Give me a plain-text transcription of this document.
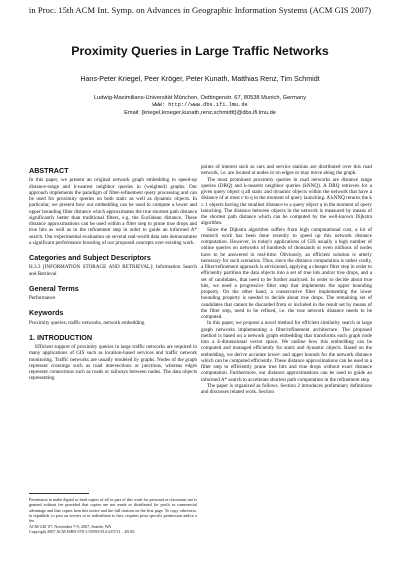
in Proc. 15th ACM Int. Symp. on Advances in Geographic Information Systems (ACM GIS 2007)
Proximity Queries in Large Traffic Networks
Hans-Peter Kriegel, Peer Kröger, Peter Kunath, Matthias Renz, Tim Schmidt
Ludwig-Maximilians-Universität München, Oettingenstr. 67, 80538 Munich, Germany
WWW: http://www.dbs.ifi.lmu.de
Email: {kriegel,kroeger,kunath,renz,schmidtt}@dbs.ifi.lmu.de
ABSTRACT

In this paper, we present an original network graph embedding to speed-up distance-range and k-nearest neighbor queries in (weighted) graphs. Our approach implements the paradigm of filter-refinement query processing and can be used for proximity queries on both static as well as dynamic objects. In particular, we present how our embedding can be used to compute a lower and upper bounding filter distance which approximates the true shortest path distance significantly better than traditional filters, e.g. the Euclidean distance. These distance approximations can be used within a filter step to prune true drops and true hits as well as in the refinement step in order to guide an informed A* search. Our experimental evaluation on several real-world data sets demonstrates a significant performance boosting of our proposed concepts over existing work.

Categories and Subject Descriptors

H.3.3 [INFORMATION STORAGE AND RETRIEVAL]: Information Search and Retrieval

General Terms

Performance

Keywords

Proximity queries, traffic networks, network embedding

1. INTRODUCTION

Efficient support of proximity queries in large traffic networks are required in many applications of GIS such as location-based services and traffic network monitoring. Traffic networks are usually modeled by graphs. Nodes of the graph represent crossings such as road intersections or junctions, whereas edges represent connections such as roads or railways between nodes. The data objects representing

Permission to make digital or hard copies of all or part of this work for personal or classroom use is granted without fee provided that copies are not made or distributed for profit or commercial advantage and that copies bear this notice and the full citation on the first page. To copy otherwise, to republish, to post on servers or to redistribute to lists, requires prior specific permission and/or a fee.

ACM GIS '07, November 7-9, 2007, Seattle, WA

Copyright 2007 ACM ISBN 978-1-59593-914-2/07/11 ...$5.00.

points of interest such as cars and service stations are distributed over this road network, i.e. are located at nodes or on edges or may move along the graph.

The most prominent proximity queries in road networks are distance range queries (DRQ) and k-nearest neighbor queries (kNNQ). A DRQ retrieves for a given query object q all static and dynamic objects within the network that have a distance of at most ε to q in the moment of query launching. A kNNQ returns the k ≥ 1 objects having the smallest distance to a query object q in the moment of query launching. The distance between objects in the network is measured by means of the shortest path distance which can be computed by the well-known Dijkstra algorithm.

Since the Dijkstra algorithm suffers from high computational cost, a lot of research work has been done recently to speed up this network distance computation. However, in today's applications of GIS usually a high number of online queries on networks of hundreds of thousands or even millions of nodes have to be answered in real-time. Obviously, an efficient solution is utterly necessary for such scenarios. Thus, since the distance computation is rather costly, a filter/refinement approach is envisioned, applying a cheaper filter step in order to efficiently partition the data objects into a set of true hits and/or true drops, and a set of candidates, that need to be further analyzed. In order to decide about true hits, we need a progressive filter step that implements the upper bounding property. On the other hand, a conservative filter implementing the lower bounding property is needed to decide about true drops. The remaining set of candidates that cannot be discarded from or included in the result set by means of the filter step, need to be refined, i.e. the true network distance needs to be computed.

In this paper, we propose a novel method for efficient similarity search in large graph networks implementing a filter/refinement architecture. The proposed method is based on a network graph embedding that transforms each graph node into a k-dimensional vector space. We outline how this embedding can be computed and managed efficiently for static and dynamic objects. Based on the embedding, we derive accurate lower- and upper bounds for the network distance which can be computed efficiently. These distance approximations can be used in a filter step to efficiently prune true hits and true drops without exact distance computation. Furthermore, our distance approximations can be used to guide an informed A* search to accelerate shortest path computation in the refinement step.

The paper is organized as follows. Section 2 introduces preliminary definitions and discusses related work. Section
